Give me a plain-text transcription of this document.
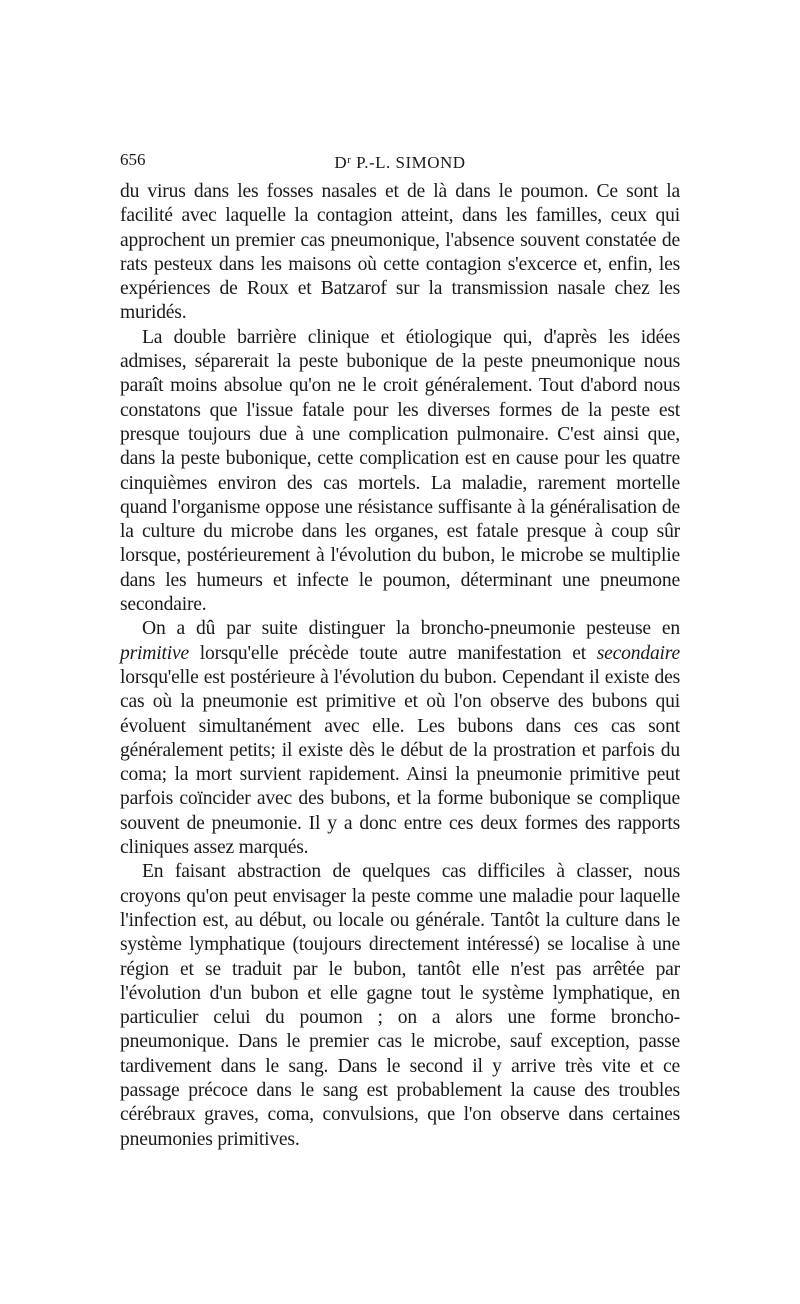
656	$D^r$ P.-L. SIMOND

du virus dans les fosses nasales et de là dans le poumon. Ce sont la facilité avec laquelle la contagion atteint, dans les familles, ceux qui approchent un premier cas pneumonique, l'absence souvent constatée de rats pesteux dans les maisons où cette contagion s'excerce et, enfin, les expériences de Roux et Batzarof sur la transmission nasale chez les muridés.

La double barrière clinique et étiologique qui, d'après les idées admises, séparerait la peste bubonique de la peste pneumonique nous paraît moins absolue qu'on ne le croit généralement. Tout d'abord nous constatons que l'issue fatale pour les diverses formes de la peste est presque toujours due à une complication pulmonaire. C'est ainsi que, dans la peste bubonique, cette complication est en cause pour les quatre cinquièmes environ des cas mortels. La maladie, rarement mortelle quand l'organisme oppose une résistance suffisante à la généralisation de la culture du microbe dans les organes, est fatale presque à coup sûr lorsque, postérieurement à l'évolution du bubon, le microbe se multiplie dans les humeurs et infecte le poumon, déterminant une pneumone secondaire.

On a dû par suite distinguer la broncho-pneumonie pesteuse en primitive lorsqu'elle précède toute autre manifestation et secondaire lorsqu'elle est postérieure à l'évolution du bubon. Cependant il existe des cas où la pneumonie est primitive et où l'on observe des bubons qui évoluent simultanément avec elle. Les bubons dans ces cas sont généralement petits; il existe dès le début de la prostration et parfois du coma; la mort survient rapidement. Ainsi la pneumonie primitive peut parfois coïncider avec des bubons, et la forme bubonique se complique souvent de pneumonie. Il y a donc entre ces deux formes des rapports cliniques assez marqués.

En faisant abstraction de quelques cas difficiles à classer, nous croyons qu'on peut envisager la peste comme une maladie pour laquelle l'infection est, au début, ou locale ou générale. Tantôt la culture dans le système lymphatique (toujours directement intéressé) se localise à une région et se traduit par le bubon, tantôt elle n'est pas arrêtée par l'évolution d'un bubon et elle gagne tout le système lymphatique, en particulier celui du poumon ; on a alors une forme broncho-pneumonique. Dans le premier cas le microbe, sauf exception, passe tardivement dans le sang. Dans le second il y arrive très vite et ce passage précoce dans le sang est probablement la cause des troubles cérébraux graves, coma, convulsions, que l'on observe dans certaines pneumonies primitives.
